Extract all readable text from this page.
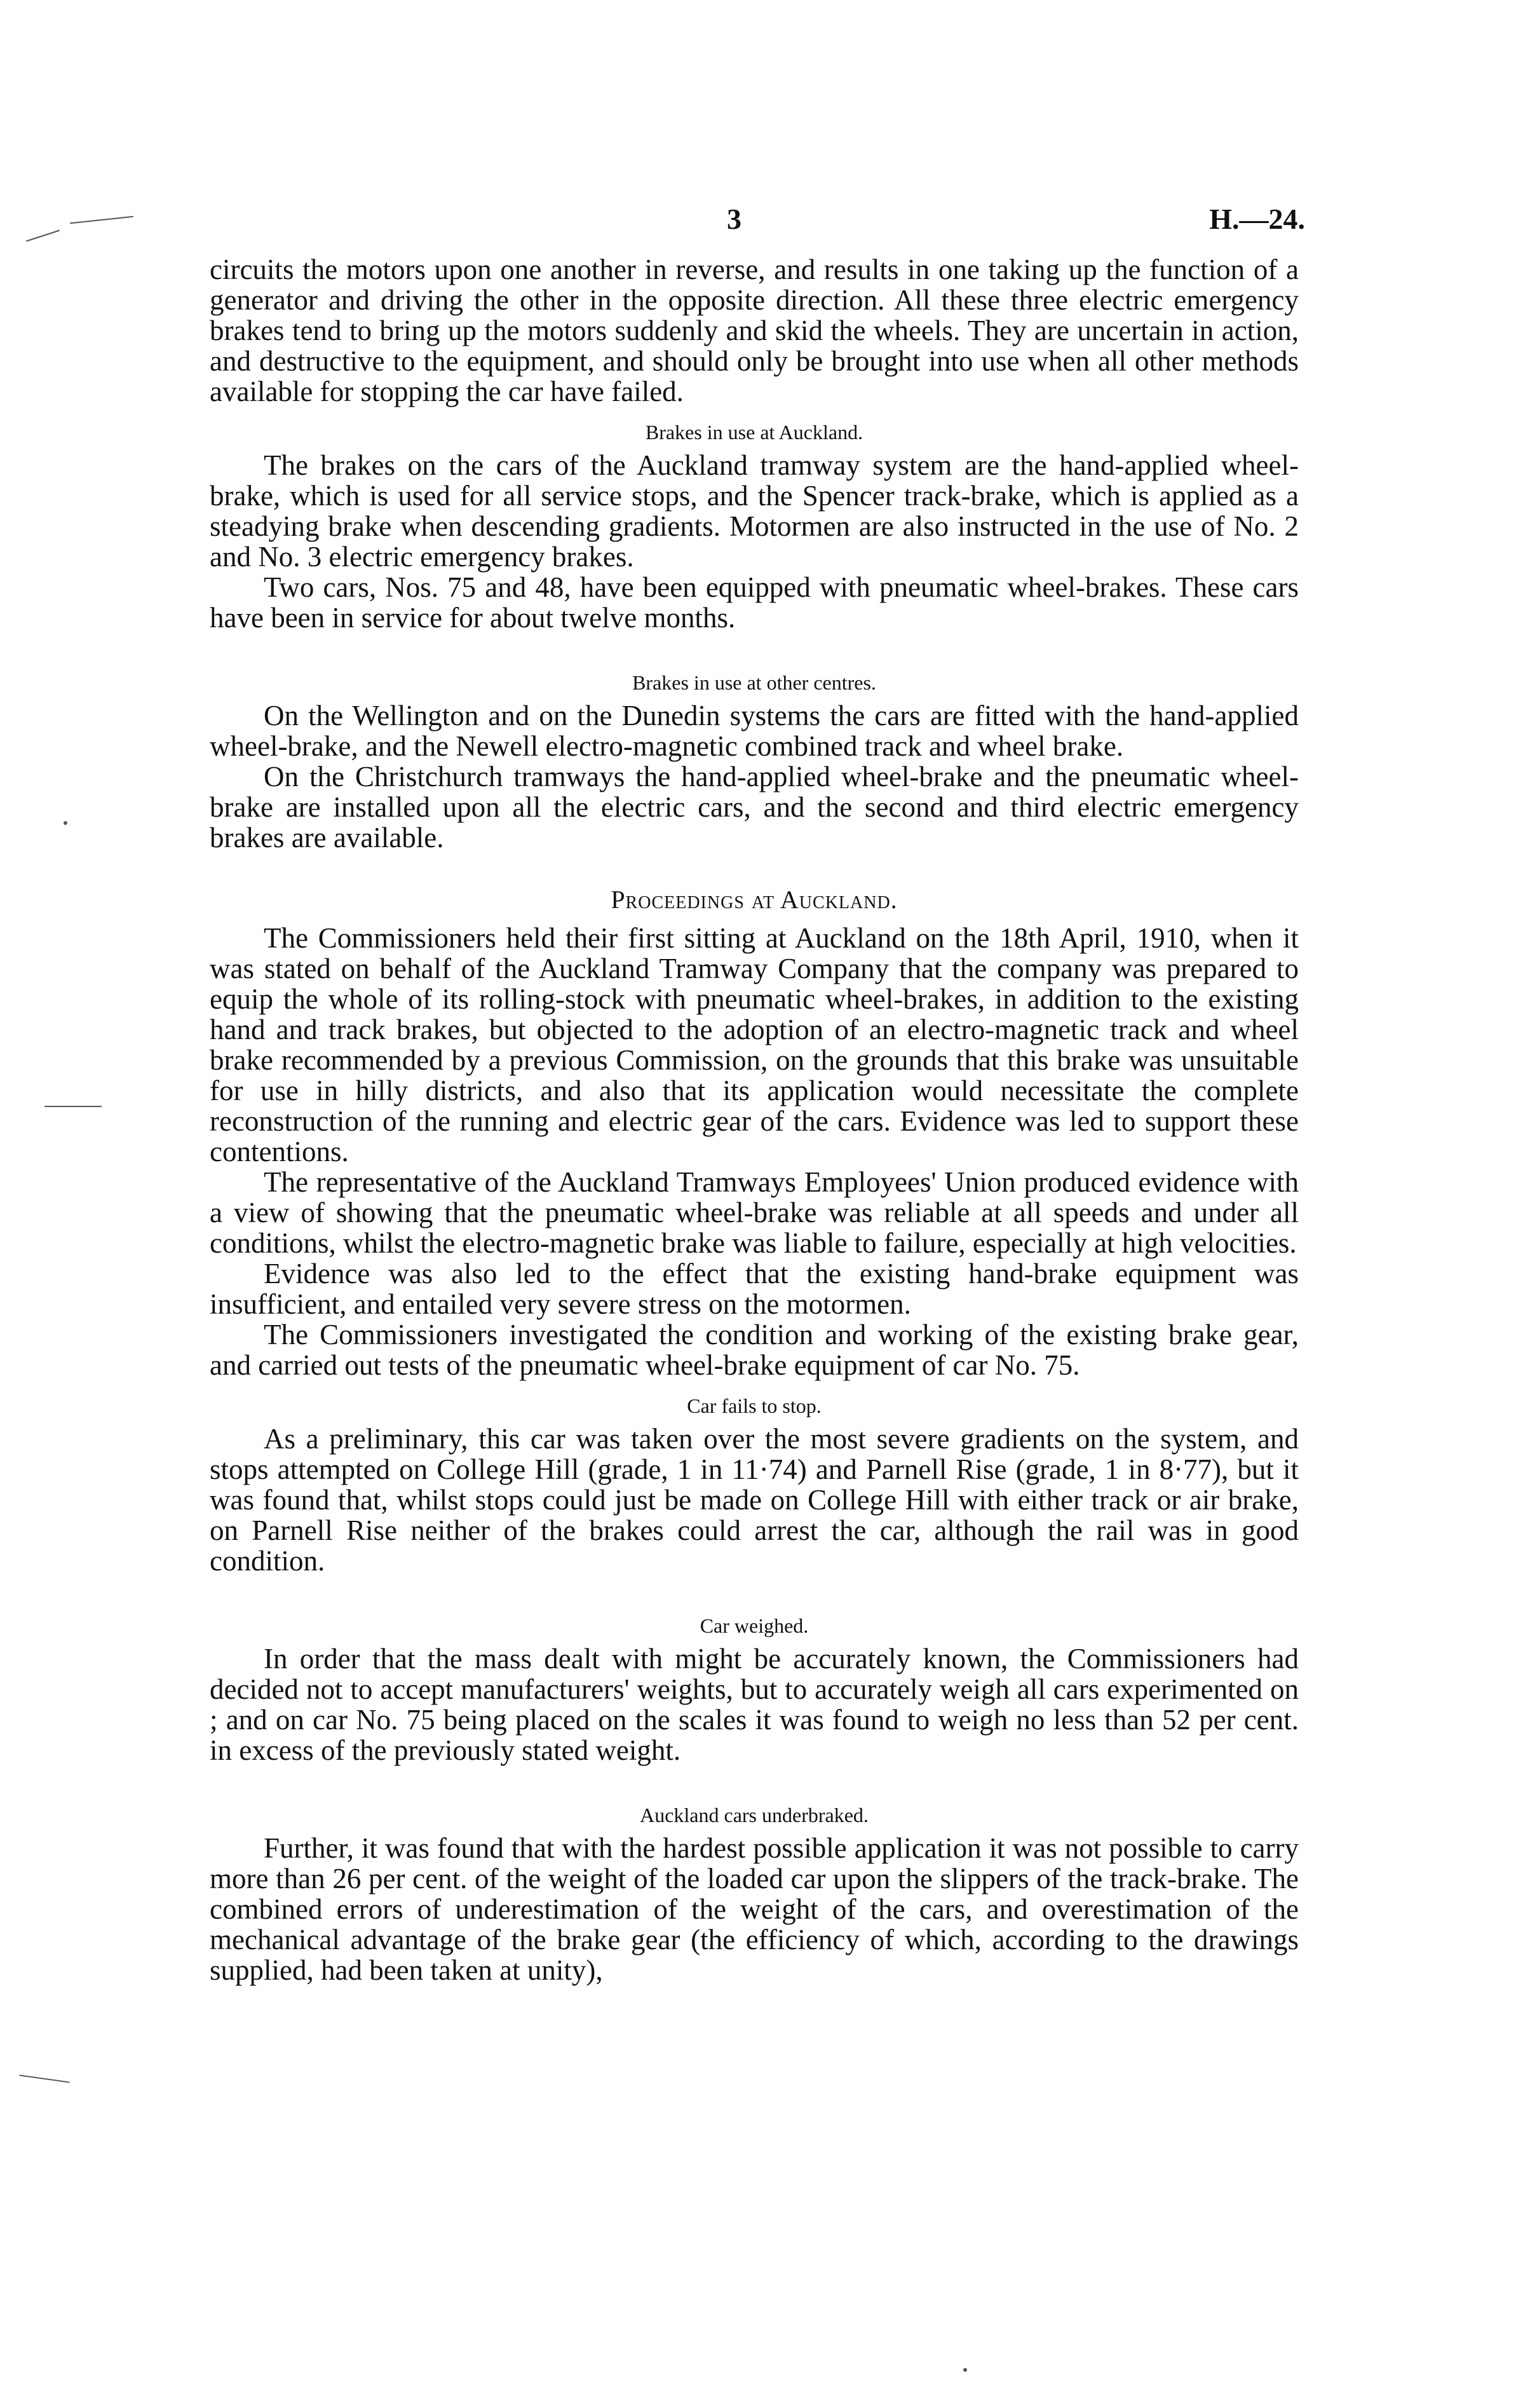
3	H.—24.

circuits the motors upon one another in reverse, and results in one taking up the function of a generator and driving the other in the opposite direction. All these three electric emergency brakes tend to bring up the motors suddenly and skid the wheels. They are uncertain in action, and destructive to the equipment, and should only be brought into use when all other methods available for stopping the car have failed.

Brakes in use at Auckland.

The brakes on the cars of the Auckland tramway system are the hand-applied wheel-brake, which is used for all service stops, and the Spencer track-brake, which is applied as a steadying brake when descending gradients. Motormen are also instructed in the use of No. 2 and No. 3 electric emergency brakes.

Two cars, Nos. 75 and 48, have been equipped with pneumatic wheel-brakes. These cars have been in service for about twelve months.

Brakes in use at other centres.

On the Wellington and on the Dunedin systems the cars are fitted with the hand-applied wheel-brake, and the Newell electro-magnetic combined track and wheel brake.

On the Christchurch tramways the hand-applied wheel-brake and the pneumatic wheel-brake are installed upon all the electric cars, and the second and third electric emergency brakes are available.

Proceedings at Auckland.

The Commissioners held their first sitting at Auckland on the 18th April, 1910, when it was stated on behalf of the Auckland Tramway Company that the company was prepared to equip the whole of its rolling-stock with pneumatic wheel-brakes, in addition to the existing hand and track brakes, but objected to the adoption of an electro-magnetic track and wheel brake recommended by a previous Commission, on the grounds that this brake was unsuitable for use in hilly districts, and also that its application would necessitate the complete reconstruction of the running and electric gear of the cars. Evidence was led to support these contentions.

The representative of the Auckland Tramways Employees' Union produced evidence with a view of showing that the pneumatic wheel-brake was reliable at all speeds and under all conditions, whilst the electro-magnetic brake was liable to failure, especially at high velocities.

Evidence was also led to the effect that the existing hand-brake equipment was insufficient, and entailed very severe stress on the motormen.

The Commissioners investigated the condition and working of the existing brake gear, and carried out tests of the pneumatic wheel-brake equipment of car No. 75.

Car fails to stop.

As a preliminary, this car was taken over the most severe gradients on the system, and stops attempted on College Hill (grade, 1 in 11·74) and Parnell Rise (grade, 1 in 8·77), but it was found that, whilst stops could just be made on College Hill with either track or air brake, on Parnell Rise neither of the brakes could arrest the car, although the rail was in good condition.

Car weighed.

In order that the mass dealt with might be accurately known, the Commissioners had decided not to accept manufacturers' weights, but to accurately weigh all cars experimented on ; and on car No. 75 being placed on the scales it was found to weigh no less than 52 per cent. in excess of the previously stated weight.

Auckland cars underbraked.

Further, it was found that with the hardest possible application it was not possible to carry more than 26 per cent. of the weight of the loaded car upon the slippers of the track-brake. The combined errors of underestimation of the weight of the cars, and overestimation of the mechanical advantage of the brake gear (the efficiency of which, according to the drawings supplied, had been taken at unity),
